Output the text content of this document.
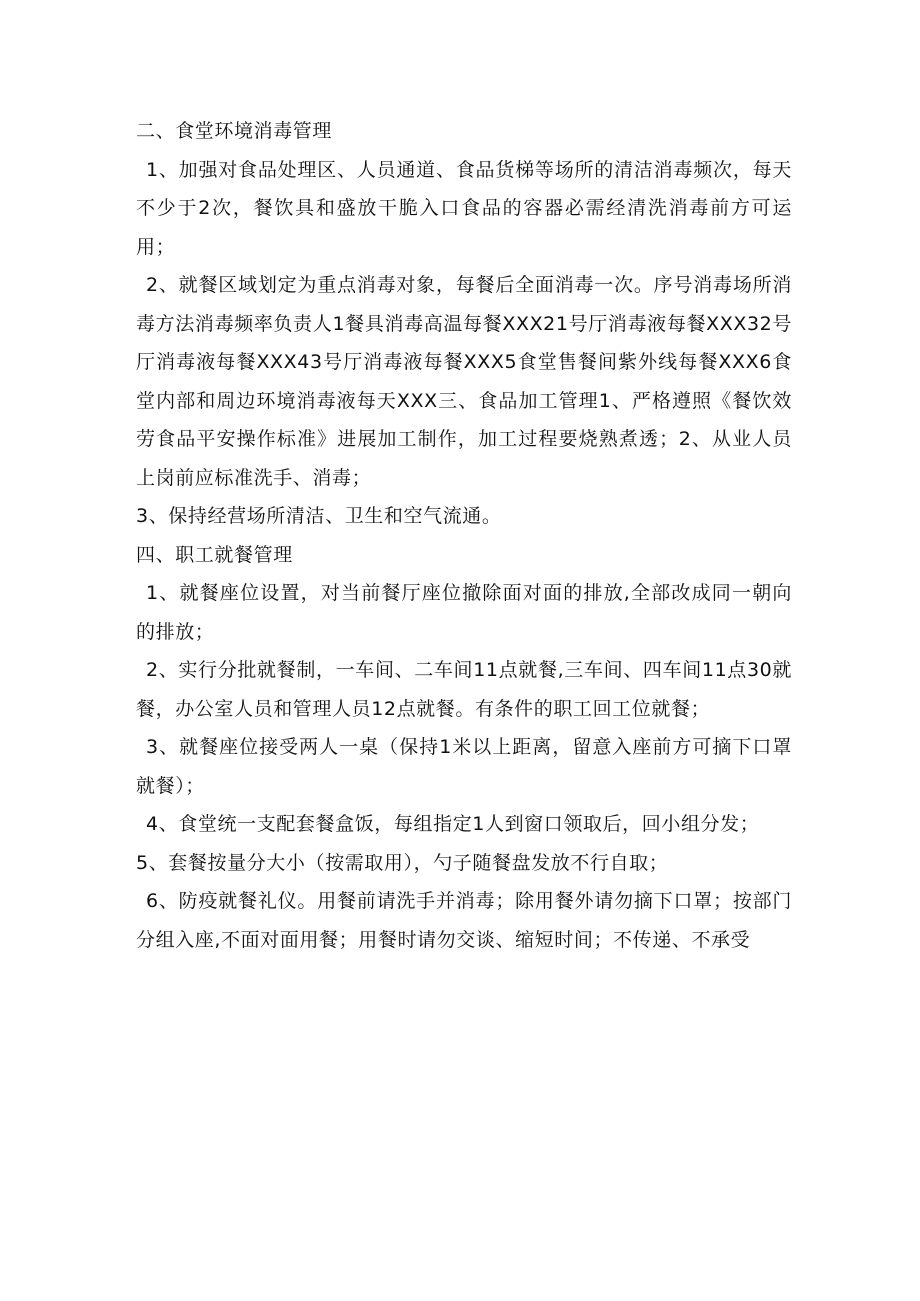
二、食堂环境消毒管理

1、加强对食品处理区、人员通道、食品货梯等场所的清洁消毒频次，每天不少于2次，餐饮具和盛放干脆入口食品的容器必需经清洗消毒前方可运用；

2、就餐区域划定为重点消毒对象，每餐后全面消毒一次。序号消毒场所消毒方法消毒频率负责人1餐具消毒高温每餐XXX21号厅消毒液每餐XXX32号厅消毒液每餐XXX43号厅消毒液每餐XXX5食堂售餐间紫外线每餐XXX6食堂内部和周边环境消毒液每天XXX三、食品加工管理1、严格遵照《餐饮效劳食品平安操作标准》进展加工制作，加工过程要烧熟煮透；2、从业人员上岗前应标准洗手、消毒；

3、保持经营场所清洁、卫生和空气流通。

四、职工就餐管理

1、就餐座位设置，对当前餐厅座位撤除面对面的排放,全部改成同一朝向的排放；

2、实行分批就餐制，一车间、二车间11点就餐,三车间、四车间11点30就餐，办公室人员和管理人员12点就餐。有条件的职工回工位就餐；

3、就餐座位接受两人一桌（保持1米以上距离，留意入座前方可摘下口罩就餐）；

4、食堂统一支配套餐盒饭，每组指定1人到窗口领取后，回小组分发；

5、套餐按量分大小（按需取用），勺子随餐盘发放不行自取；

6、防疫就餐礼仪。用餐前请洗手并消毒；除用餐外请勿摘下口罩；按部门分组入座,不面对面用餐；用餐时请勿交谈、缩短时间；不传递、不承受
